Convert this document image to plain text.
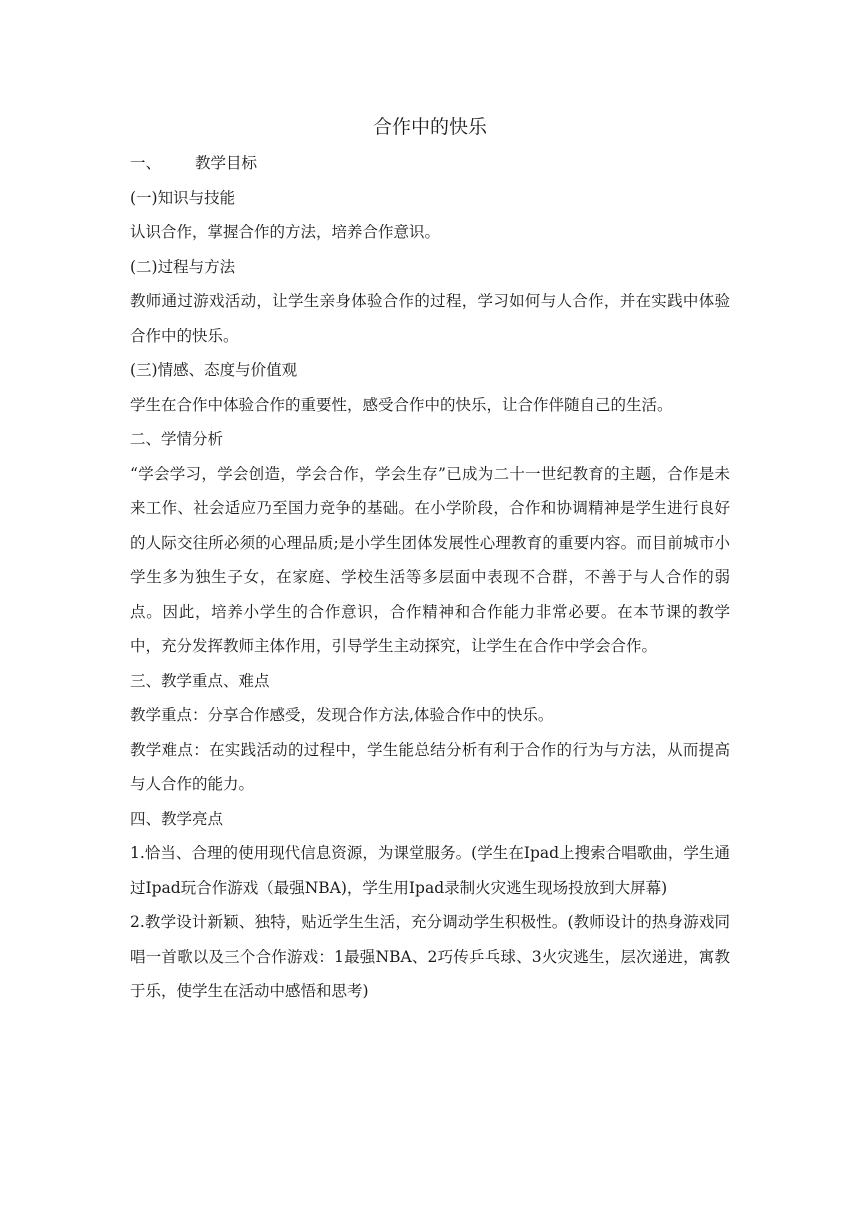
合作中的快乐

一、 教学目标

(一)知识与技能

认识合作，掌握合作的方法，培养合作意识。

(二)过程与方法

教师通过游戏活动，让学生亲身体验合作的过程，学习如何与人合作，并在实践中体验合作中的快乐。

(三)情感、态度与价值观

学生在合作中体验合作的重要性，感受合作中的快乐，让合作伴随自己的生活。

二、学情分析

“学会学习，学会创造，学会合作，学会生存”已成为二十一世纪教育的主题，合作是未来工作、社会适应乃至国力竞争的基础。在小学阶段，合作和协调精神是学生进行良好的人际交往所必须的心理品质;是小学生团体发展性心理教育的重要内容。而目前城市小学生多为独生子女，在家庭、学校生活等多层面中表现不合群，不善于与人合作的弱点。因此，培养小学生的合作意识，合作精神和合作能力非常必要。在本节课的教学中，充分发挥教师主体作用，引导学生主动探究，让学生在合作中学会合作。

三、教学重点、难点

教学重点：分享合作感受，发现合作方法,体验合作中的快乐。

教学难点：在实践活动的过程中，学生能总结分析有利于合作的行为与方法，从而提高与人合作的能力。

四、教学亮点

1.恰当、合理的使用现代信息资源，为课堂服务。(学生在Ipad上搜索合唱歌曲，学生通过Ipad玩合作游戏（最强NBA)，学生用Ipad录制火灾逃生现场投放到大屏幕)

2.教学设计新颖、独特，贴近学生生活，充分调动学生积极性。(教师设计的热身游戏同唱一首歌以及三个合作游戏：1最强NBA、2巧传乒乓球、3火灾逃生，层次递进，寓教于乐，使学生在活动中感悟和思考)
